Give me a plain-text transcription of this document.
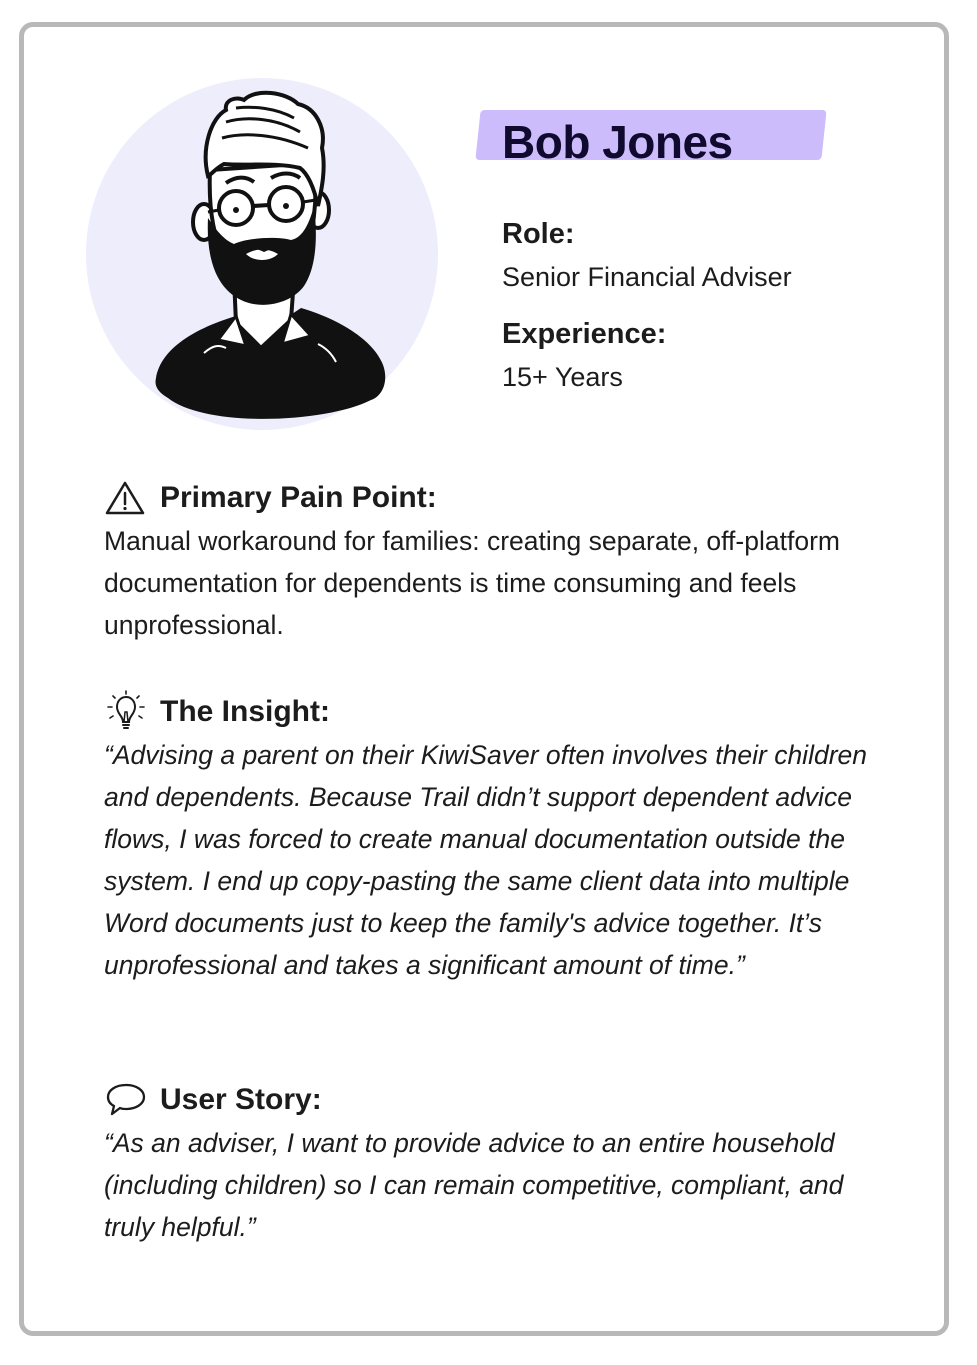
Bob Jones
Role:
Senior Financial Adviser
Experience:
15+ Years
Primary Pain Point:
Manual workaround for families: creating separate, off-platform documentation for dependents is time consuming and feels unprofessional.
The Insight:
“Advising a parent on their KiwiSaver often involves their children and dependents. Because Trail didn’t support dependent advice flows, I was forced to create manual documentation outside the system. I end up copy-pasting the same client data into multiple Word documents just to keep the family's advice together. It’s unprofessional and takes a significant amount of time.”
User Story:
“As an adviser, I want to provide advice to an entire household (including children) so I can remain competitive, compliant, and truly helpful.”
